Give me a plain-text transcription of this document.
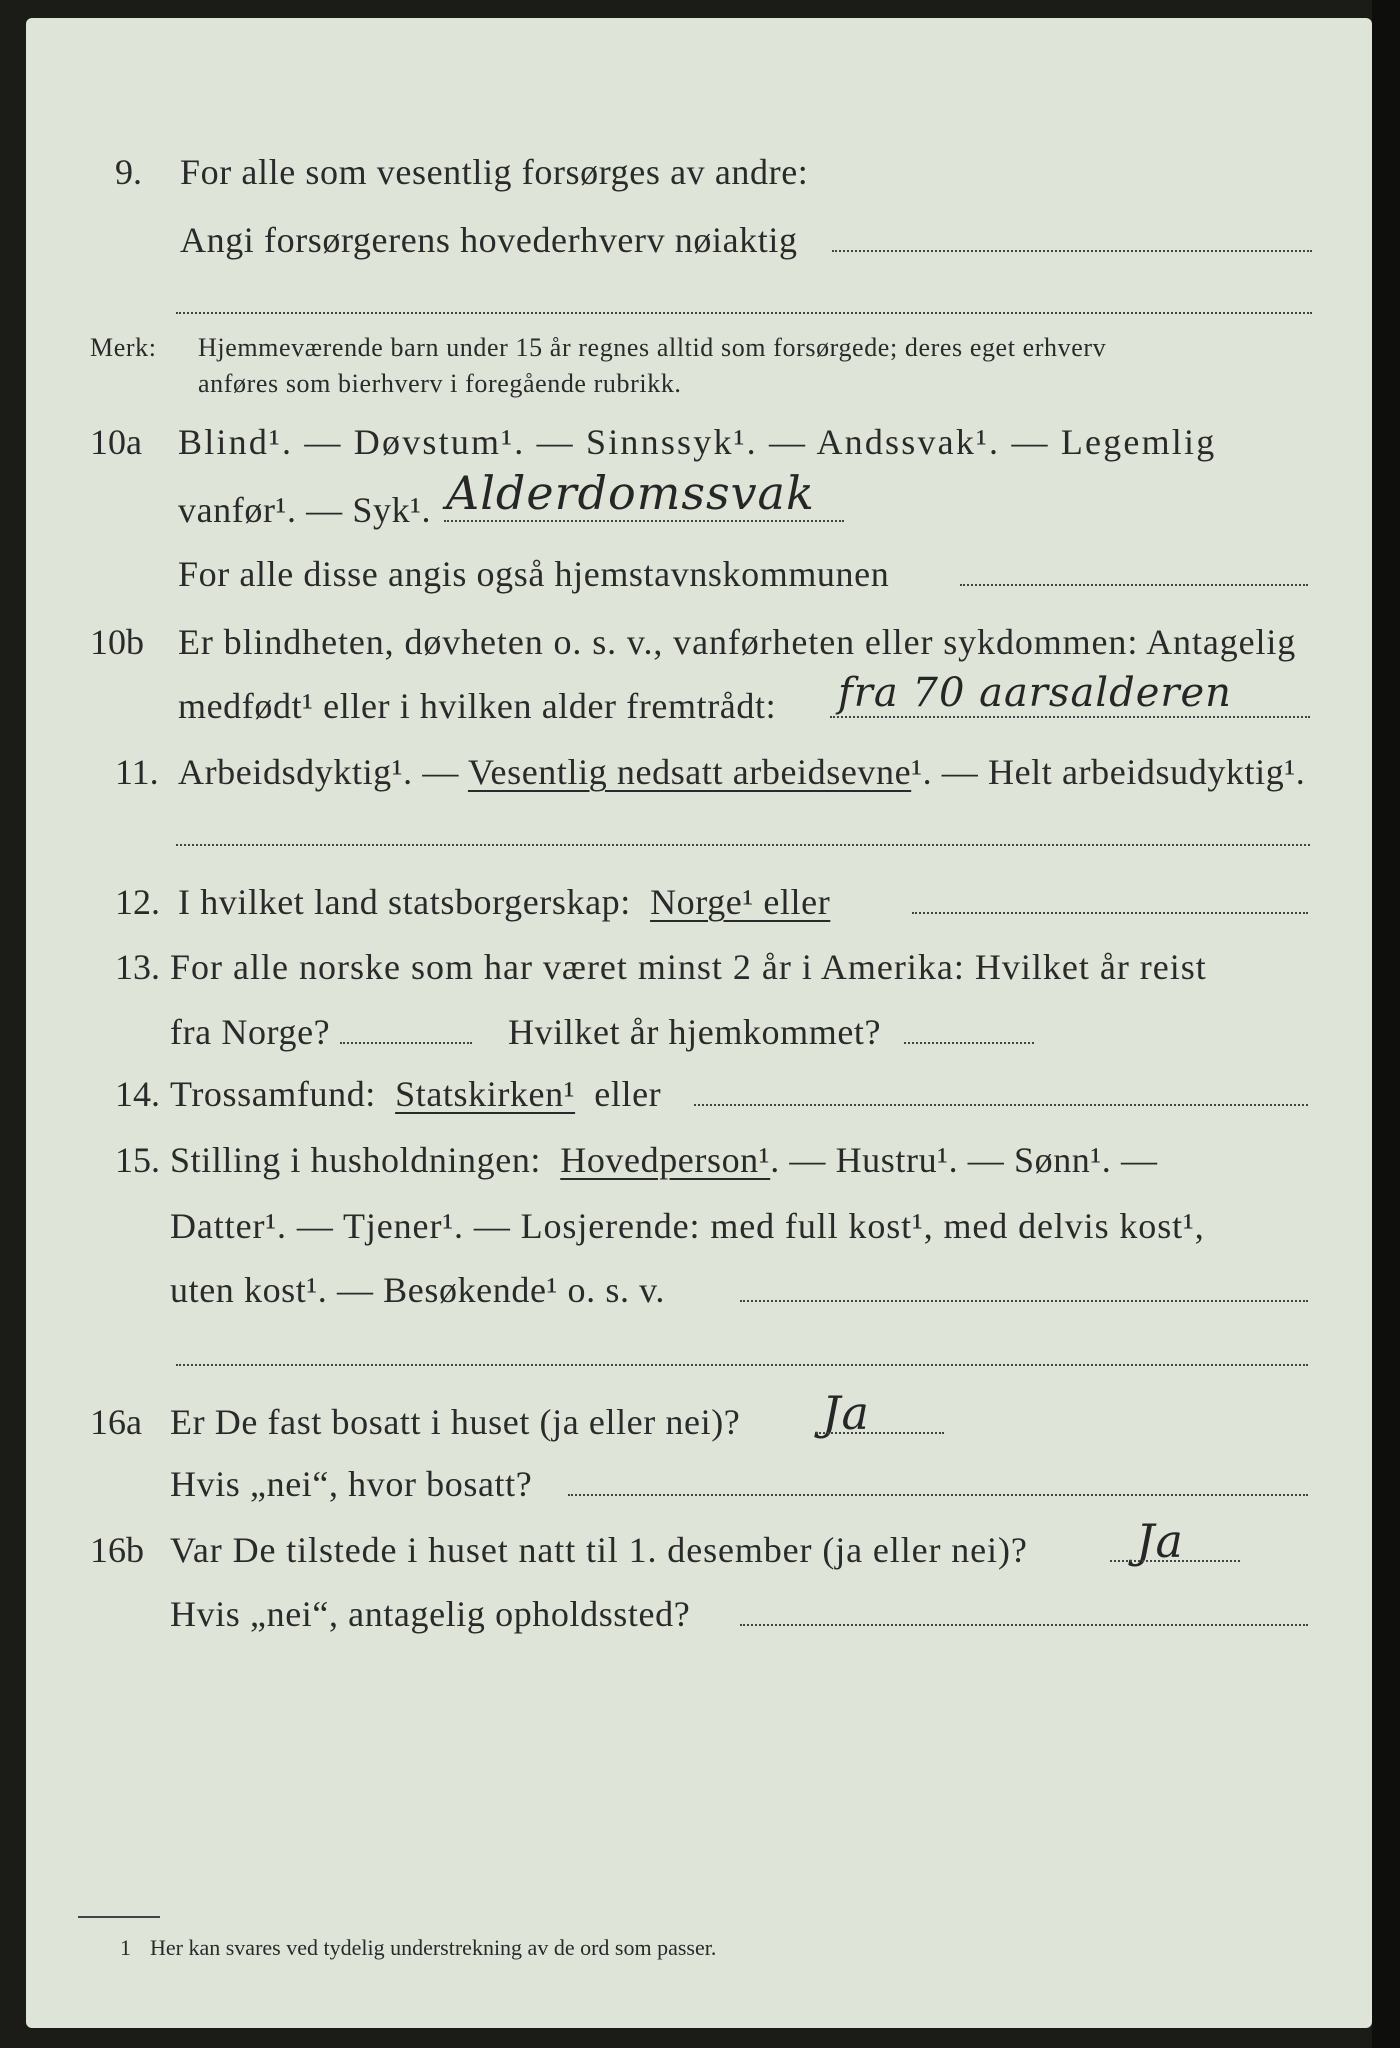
9. For alle som vesentlig forsørges av andre:
Angi forsørgerens hovederhverv nøiaktig
Merk: Hjemmeværende barn under 15 år regnes alltid som forsørgede; deres eget erhverv
anføres som bierhverv i foregående rubrikk.
10a Blind¹. — Døvstum¹. — Sinnssyk¹. — Andssvak¹. — Legemlig
vanfør¹. — Syk¹. Alderdomssvak
For alle disse angis også hjemstavnskommunen
10b Er blindheten, døvheten o. s. v., vanførheten eller sykdommen: Antagelig
medfødt¹ eller i hvilken alder fremtrådt: fra 70 aarsalderen
11. Arbeidsdyktig¹. — Vesentlig nedsatt arbeidsevne¹. — Helt arbeidsudyktig¹.
12. I hvilket land statsborgerskap: Norge¹ eller
13. For alle norske som har været minst 2 år i Amerika: Hvilket år reist
fra Norge?	Hvilket år hjemkommet?
14. Trossamfund: Statskirken¹ eller
15. Stilling i husholdningen: Hovedperson¹. — Hustru¹. — Sønn¹. —
Datter¹. — Tjener¹. — Losjerende: med full kost¹, med delvis kost¹,
uten kost¹. — Besøkende¹ o. s. v.
16a Er De fast bosatt i huset (ja eller nei)? Ja
Hvis „nei“, hvor bosatt?
16b Var De tilstede i huset natt til 1. desember (ja eller nei)? Ja
Hvis „nei“, antagelig opholdssted?
1 Her kan svares ved tydelig understrekning av de ord som passer.
